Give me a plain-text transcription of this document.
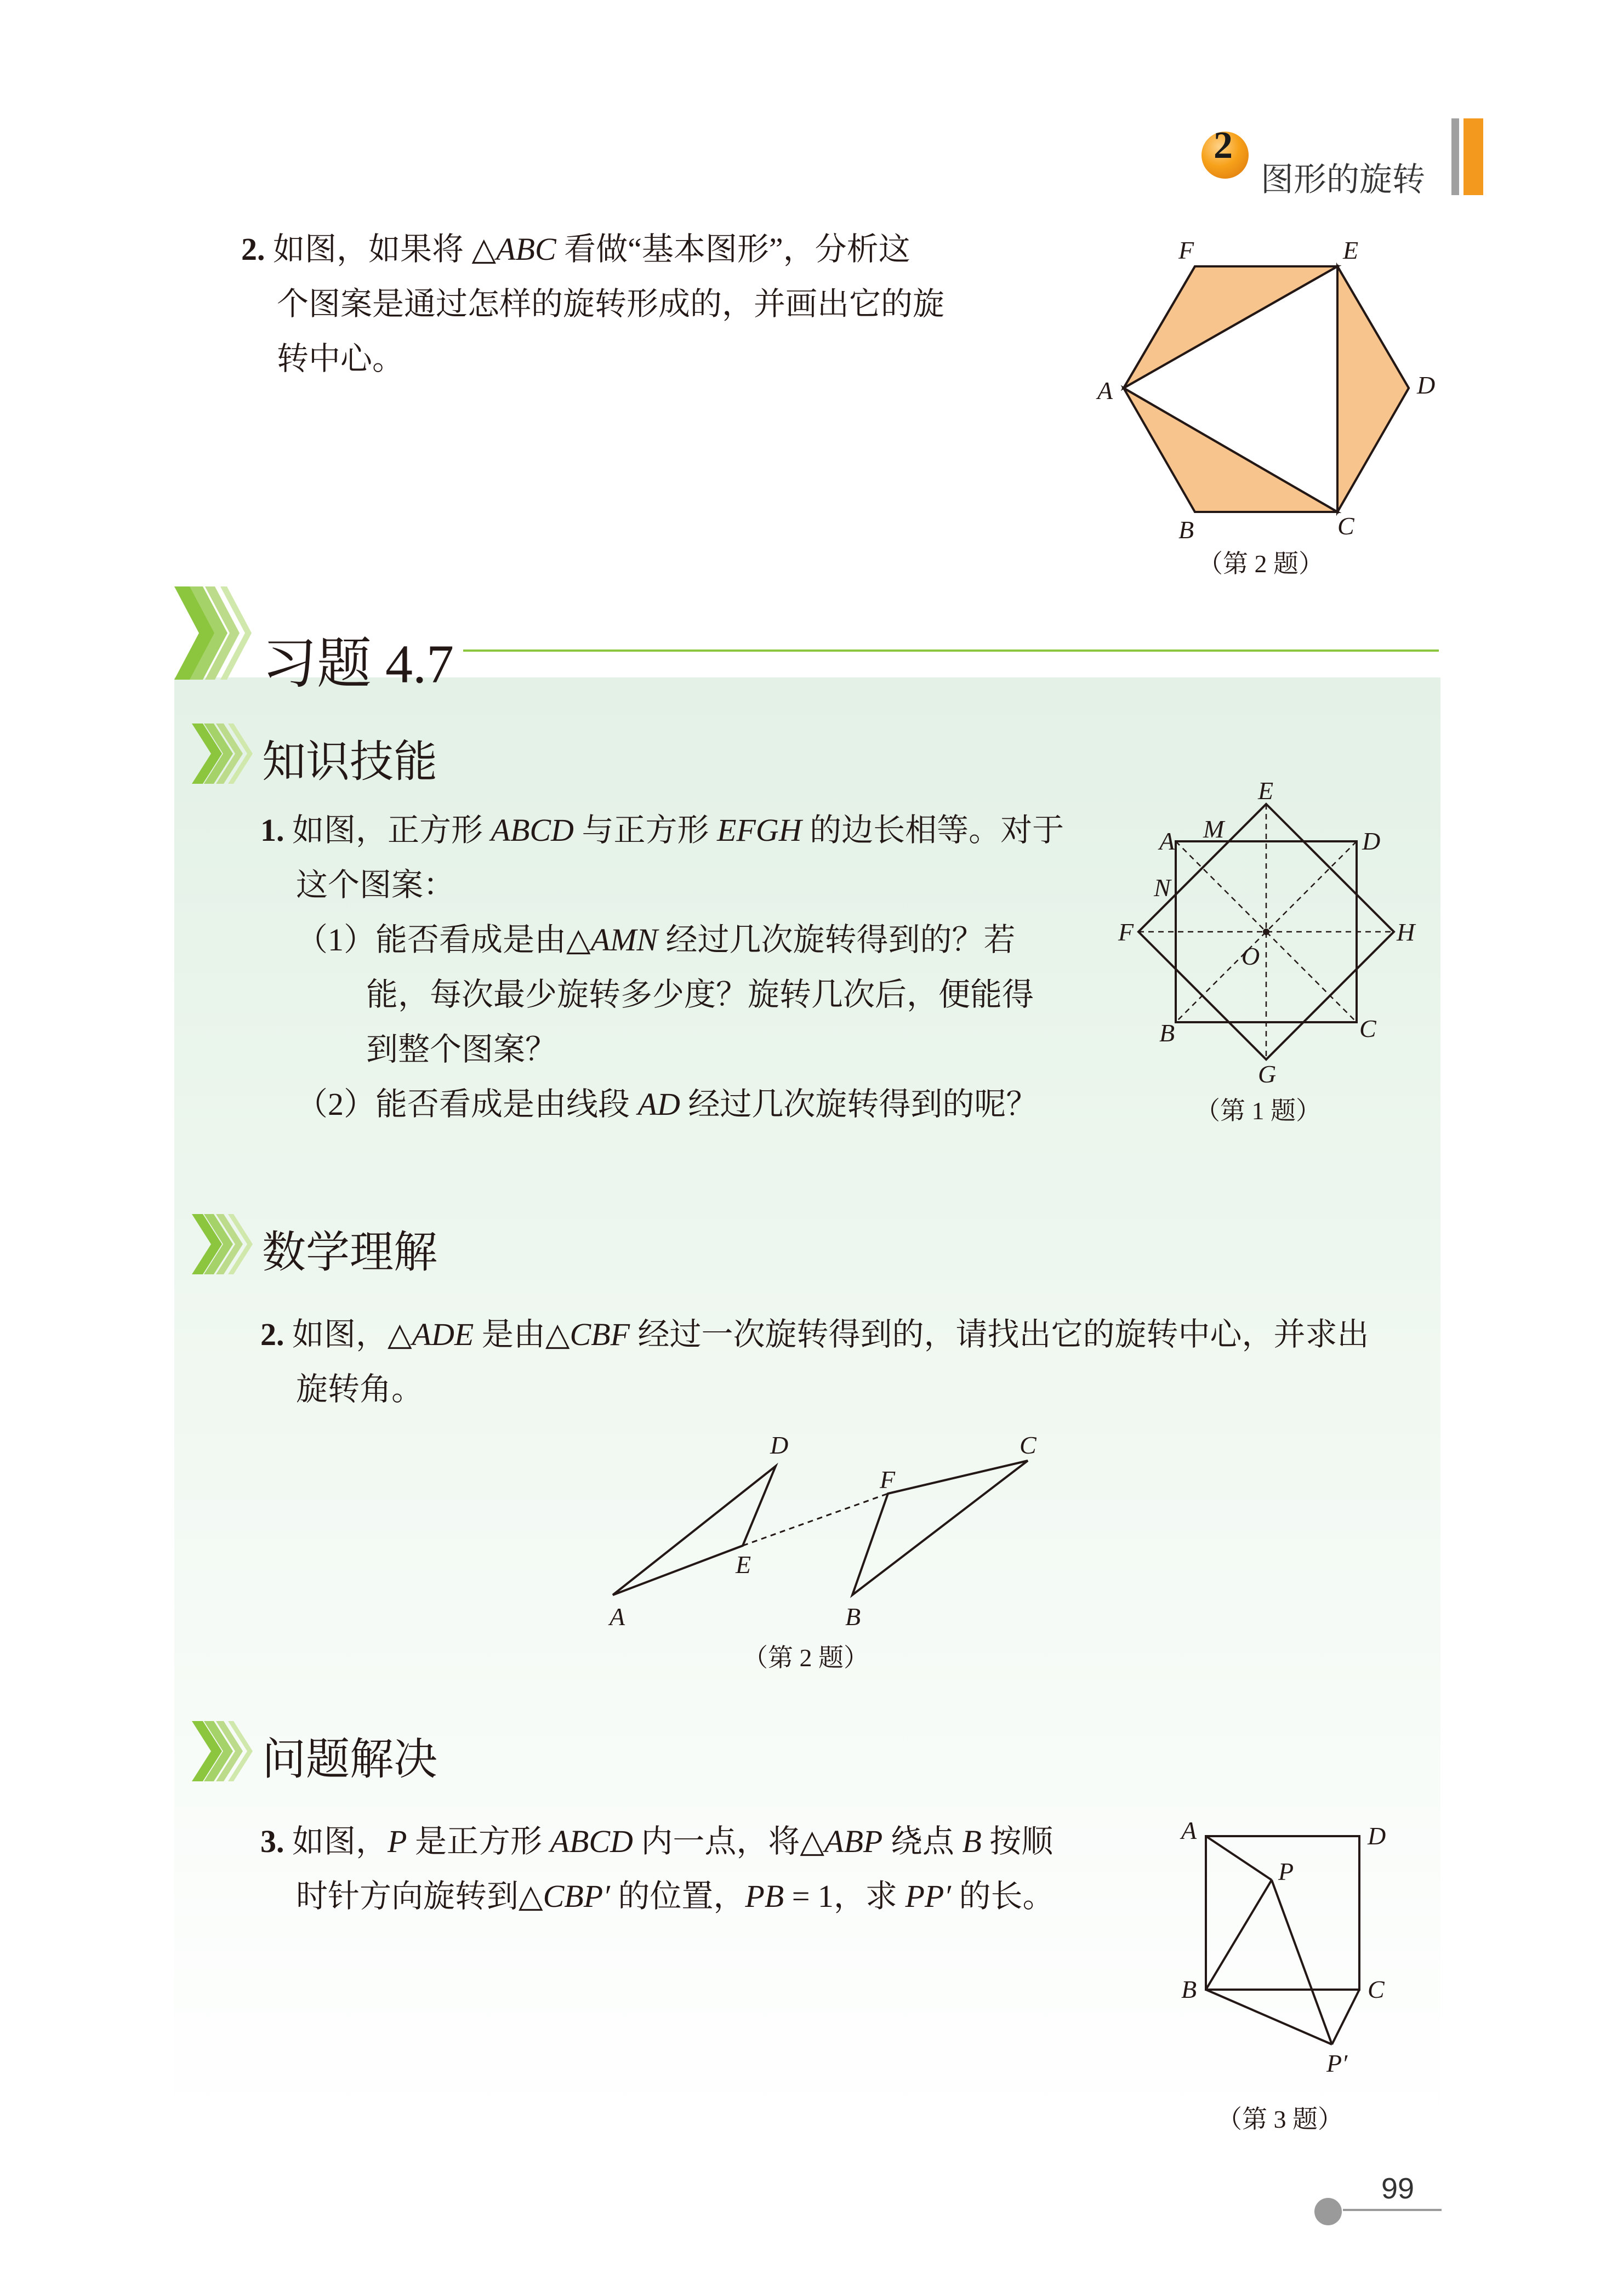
2
图形的旋转
2. 如图，如果将 △ABC 看做“基本图形”，分析这
个图案是通过怎样的旋转形成的，并画出它的旋
转中心。
F	E
A	D
B	C
（第 2 题）
习题 4.7
知识技能
1. 如图，正方形 ABCD 与正方形 EFGH 的边长相等。对于
这个图案：
（1）能否看成是由△AMN 经过几次旋转得到的？若
能，每次最少旋转多少度？旋转几次后，便能得
到整个图案？
（2）能否看成是由线段 AD 经过几次旋转得到的呢？
E
A M	D
N
F	H
O
B	C
G
（第 1 题）
数学理解
2. 如图，△ADE 是由△CBF 经过一次旋转得到的，请找出它的旋转中心，并求出
旋转角。
D	C
F
E
A	B
（第 2 题）
问题解决
3. 如图，P 是正方形 ABCD 内一点，将△ABP 绕点 B 按顺
时针方向旋转到△CBP′ 的位置，PB = 1，求 PP′ 的长。
A	D
P
B	C
P′
（第 3 题）
99
